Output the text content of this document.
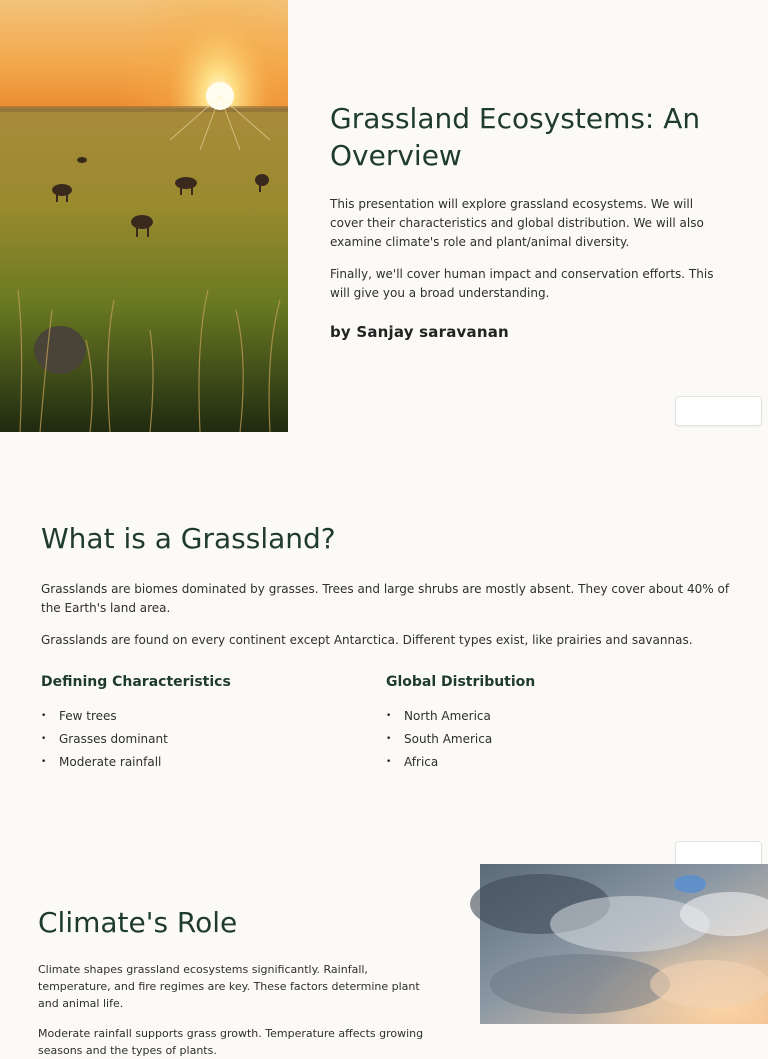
Grassland Ecosystems: An Overview

This presentation will explore grassland ecosystems. We will cover their characteristics and global distribution. We will also examine climate's role and plant/animal diversity.

Finally, we'll cover human impact and conservation efforts. This will give you a broad understanding.

by Sanjay saravanan

What is a Grassland?

Grasslands are biomes dominated by grasses. Trees and large shrubs are mostly absent. They cover about 40% of the Earth's land area.

Grasslands are found on every continent except Antarctica. Different types exist, like prairies and savannas.

Defining Characteristics
•	Few trees
•	Grasses dominant
•	Moderate rainfall
Global Distribution
•	North America
•	South America
•	Africa
Climate's Role

Climate shapes grassland ecosystems significantly. Rainfall, temperature, and fire regimes are key. These factors determine plant and animal life.

Moderate rainfall supports grass growth. Temperature affects growing seasons and the types of plants.
